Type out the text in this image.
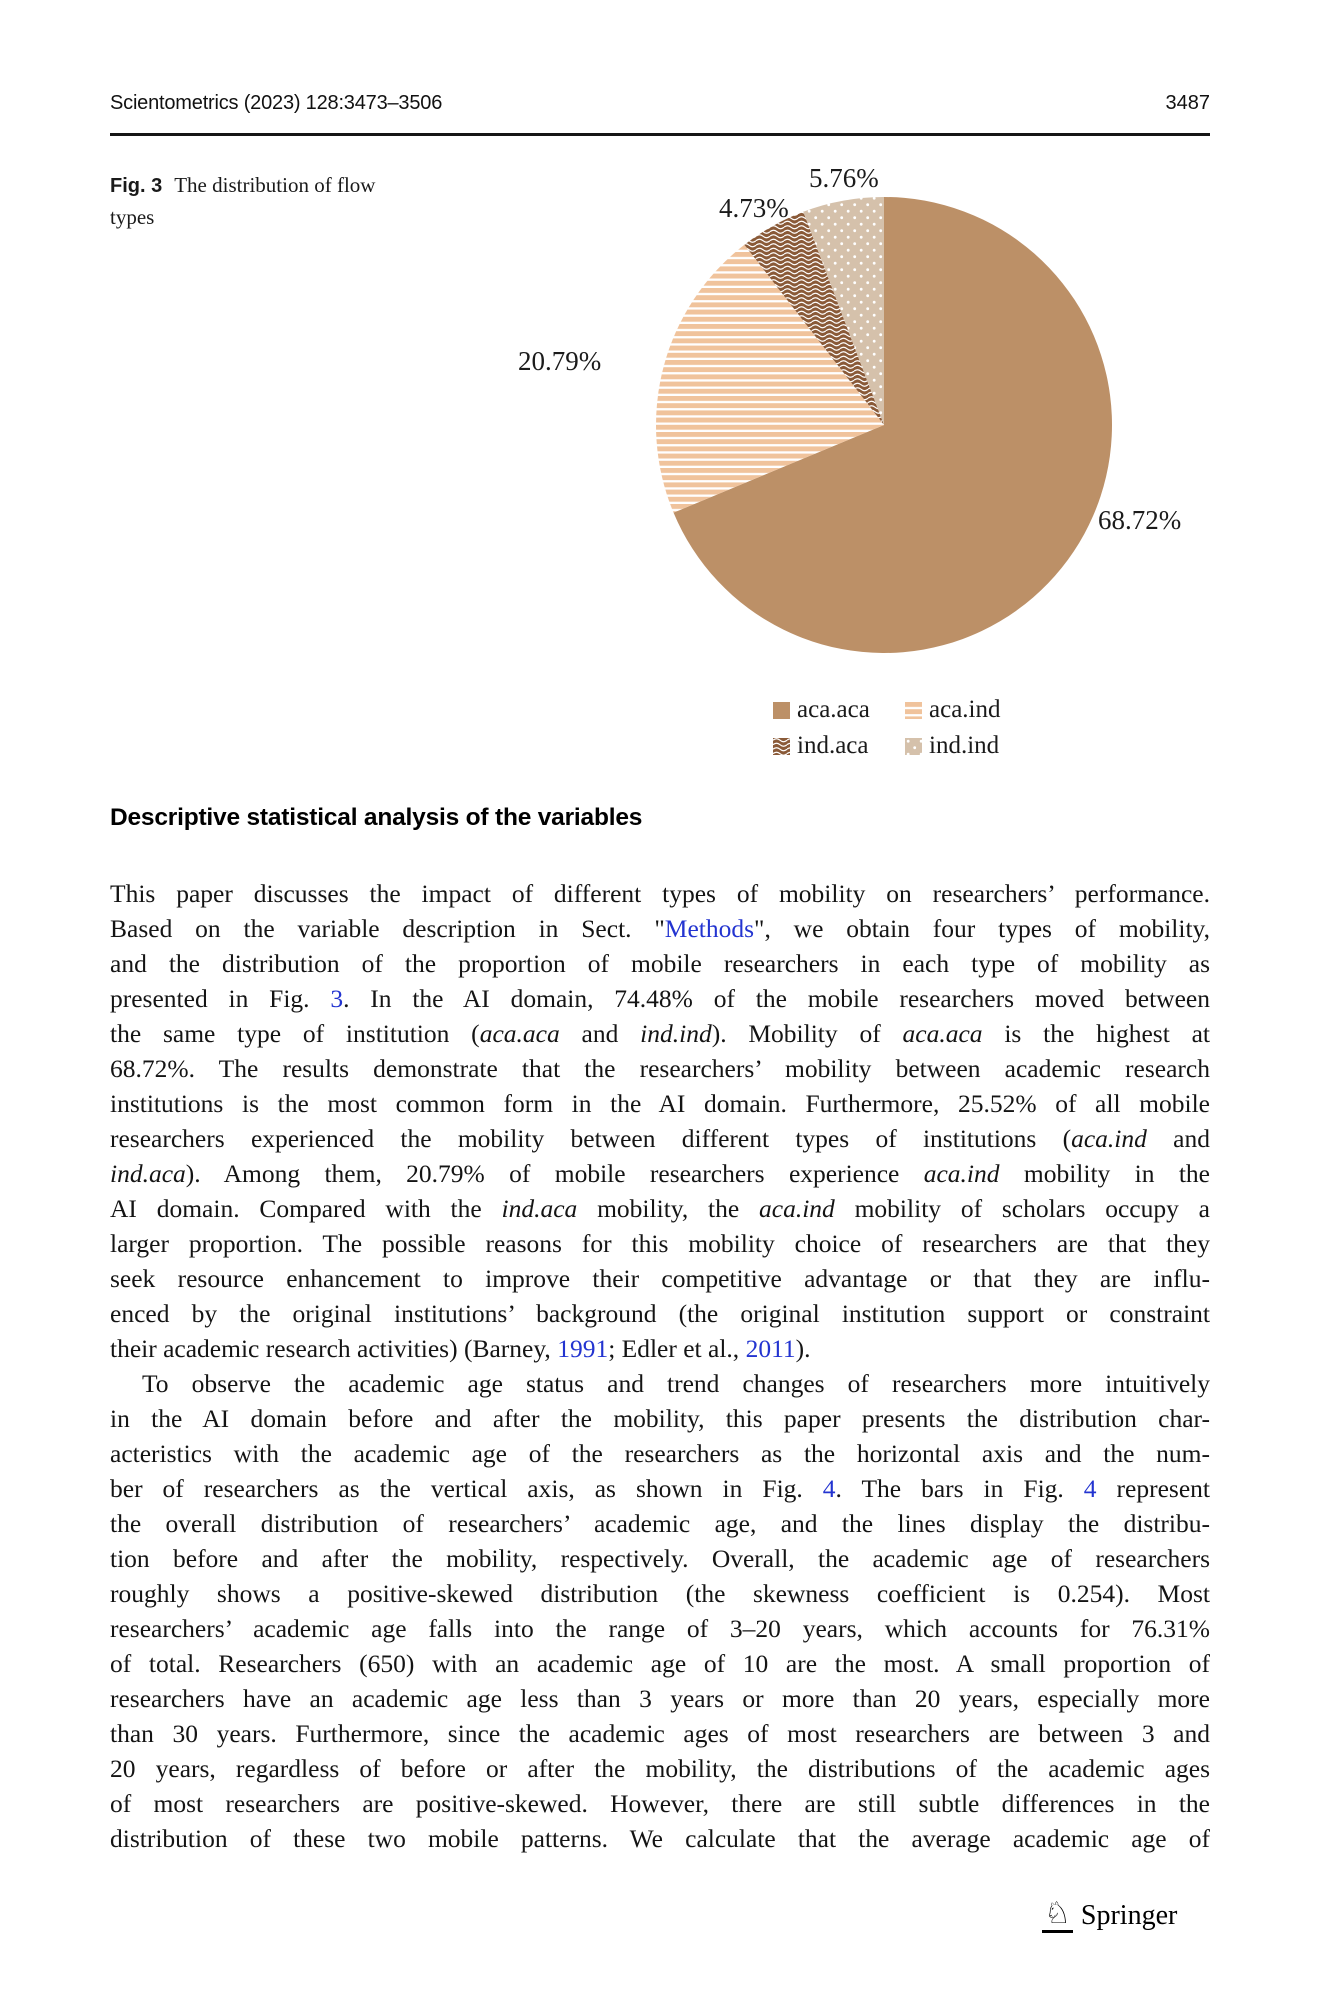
Scientometrics (2023) 128:3473–3506	3487
Fig. 3 The distribution of flow
types
68.72%
20.79%
4.73%
5.76%
aca.aca aca.ind
ind.aca ind.ind
Descriptive statistical analysis of the variables
This paper discusses the impact of different types of mobility on researchers’ performance.
Based on the variable description in Sect. "Methods", we obtain four types of mobility,
and the distribution of the proportion of mobile researchers in each type of mobility as
presented in Fig. 3. In the AI domain, 74.48% of the mobile researchers moved between
the same type of institution (aca.aca and ind.ind). Mobility of aca.aca is the highest at
68.72%. The results demonstrate that the researchers’ mobility between academic research
institutions is the most common form in the AI domain. Furthermore, 25.52% of all mobile
researchers experienced the mobility between different types of institutions (aca.ind and
ind.aca). Among them, 20.79% of mobile researchers experience aca.ind mobility in the
AI domain. Compared with the ind.aca mobility, the aca.ind mobility of scholars occupy a
larger proportion. The possible reasons for this mobility choice of researchers are that they
seek resource enhancement to improve their competitive advantage or that they are influ-
enced by the original institutions’ background (the original institution support or constraint
their academic research activities) (Barney, 1991; Edler et al., 2011).
To observe the academic age status and trend changes of researchers more intuitively
in the AI domain before and after the mobility, this paper presents the distribution char-
acteristics with the academic age of the researchers as the horizontal axis and the num-
ber of researchers as the vertical axis, as shown in Fig. 4. The bars in Fig. 4 represent
the overall distribution of researchers’ academic age, and the lines display the distribu-
tion before and after the mobility, respectively. Overall, the academic age of researchers
roughly shows a positive-skewed distribution (the skewness coefficient is 0.254). Most
researchers’ academic age falls into the range of 3–20 years, which accounts for 76.31%
of total. Researchers (650) with an academic age of 10 are the most. A small proportion of
researchers have an academic age less than 3 years or more than 20 years, especially more
than 30 years. Furthermore, since the academic ages of most researchers are between 3 and
20 years, regardless of before or after the mobility, the distributions of the academic ages
of most researchers are positive-skewed. However, there are still subtle differences in the
distribution of these two mobile patterns. We calculate that the average academic age of
♘ Springer
